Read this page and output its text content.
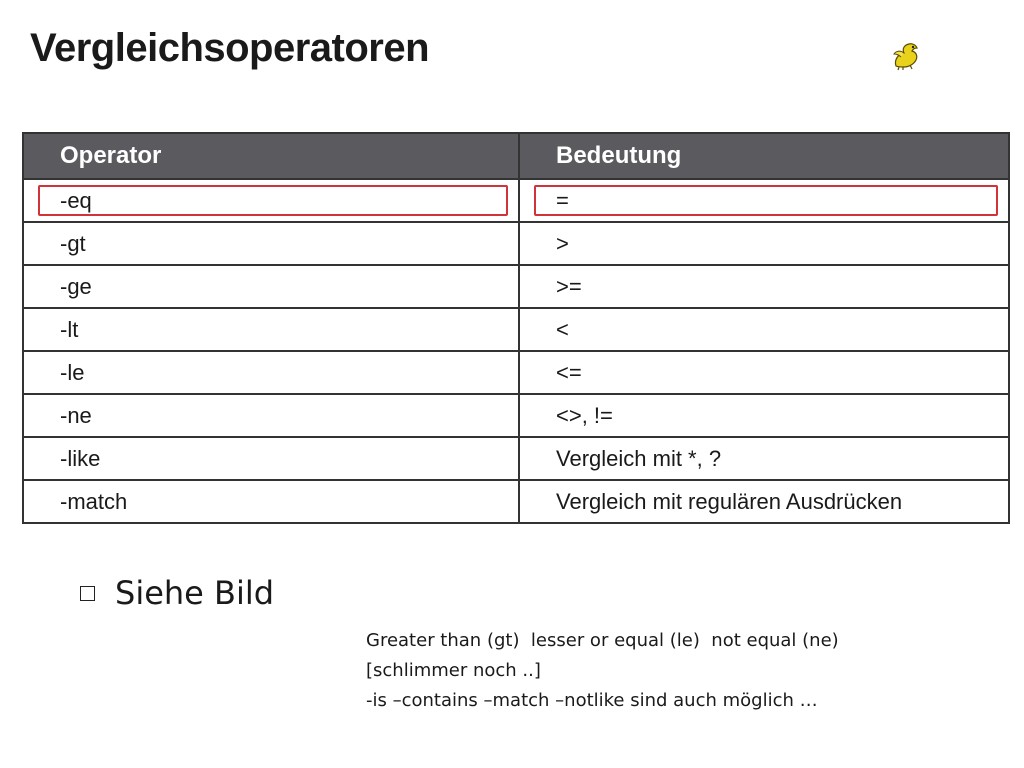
Vergleichsoperatoren
Operator	Bedeutung
-eq	=
-gt	>
-ge	>=
-lt	<
-le	<=
-ne	<>, !=
-like	Vergleich mit *, ?
-match	Vergleich mit regulären Ausdrücken
Siehe Bild
Greater than (gt)  lesser or equal (le)  not equal (ne)
[schlimmer noch ..]
-is –contains –match –notlike sind auch möglich …
